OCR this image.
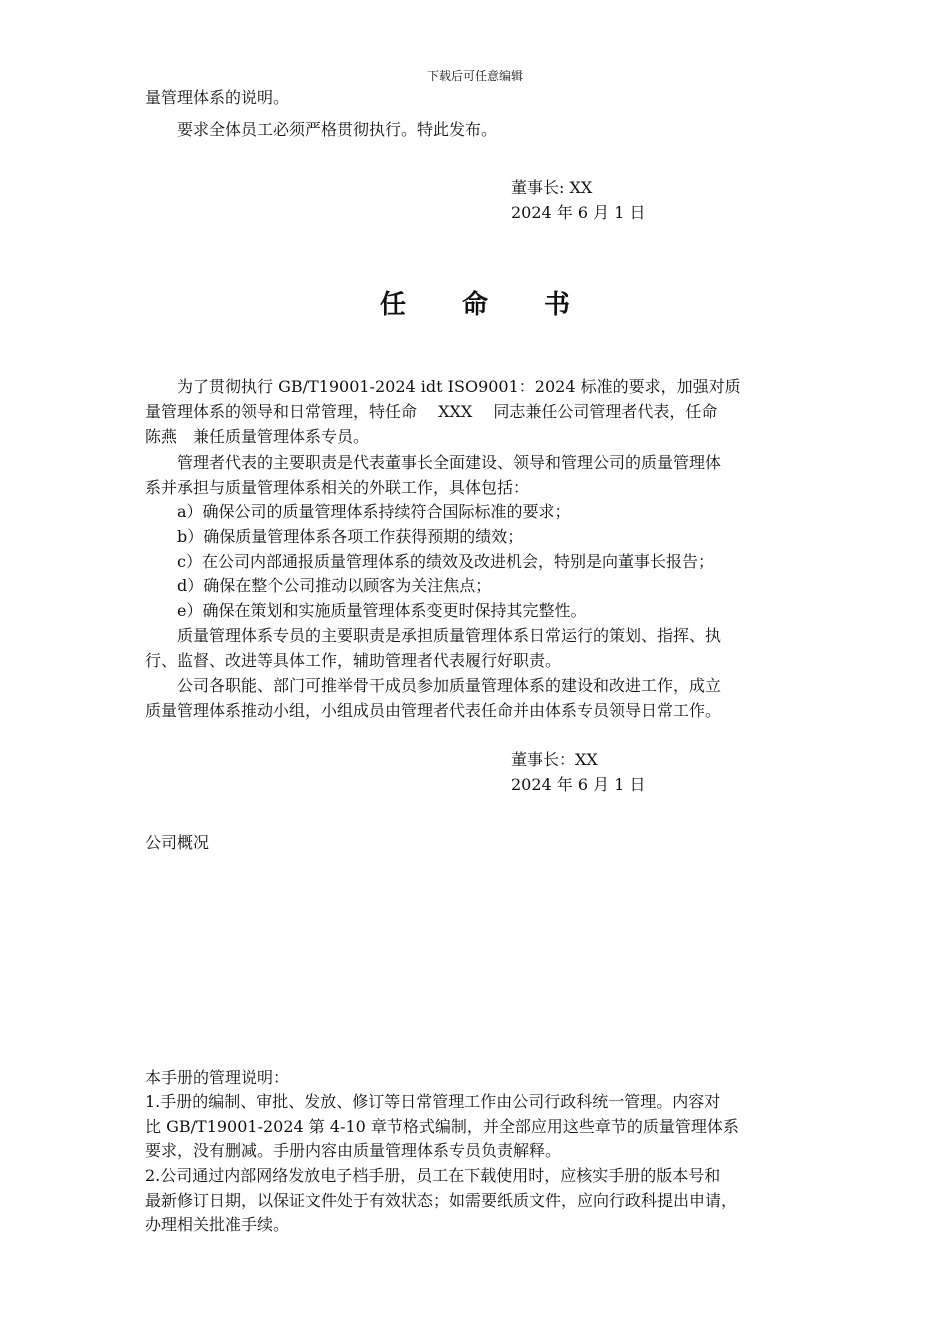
下载后可任意编辑
量管理体系的说明。
要求全体员工必须严格贯彻执行。特此发布。
董事长: XX
2024 年 6 月 1 日
任 命 书
为了贯彻执行 GB/T19001-2024 idt ISO9001：2024 标准的要求，加强对质
量管理体系的领导和日常管理，特任命　 XXX　 同志兼任公司管理者代表，任命
陈燕　兼任质量管理体系专员。
管理者代表的主要职责是代表董事长全面建设、领导和管理公司的质量管理体
系并承担与质量管理体系相关的外联工作，具体包括：
a）确保公司的质量管理体系持续符合国际标准的要求；
b）确保质量管理体系各项工作获得预期的绩效；
c）在公司内部通报质量管理体系的绩效及改进机会，特别是向董事长报告；
d）确保在整个公司推动以顾客为关注焦点；
e）确保在策划和实施质量管理体系变更时保持其完整性。
质量管理体系专员的主要职责是承担质量管理体系日常运行的策划、指挥、执
行、监督、改进等具体工作，辅助管理者代表履行好职责。
公司各职能、部门可推举骨干成员参加质量管理体系的建设和改进工作，成立
质量管理体系推动小组，小组成员由管理者代表任命并由体系专员领导日常工作。
董事长：XX
2024 年 6 月 1 日
公司概况
本手册的管理说明：
1.手册的编制、审批、发放、修订等日常管理工作由公司行政科统一管理。内容对
比 GB/T19001-2024 第 4-10 章节格式编制，并全部应用这些章节的质量管理体系
要求，没有删减。手册内容由质量管理体系专员负责解释。
2.公司通过内部网络发放电子档手册，员工在下载使用时，应核实手册的版本号和
最新修订日期，以保证文件处于有效状态；如需要纸质文件，应向行政科提出申请，
办理相关批准手续。
